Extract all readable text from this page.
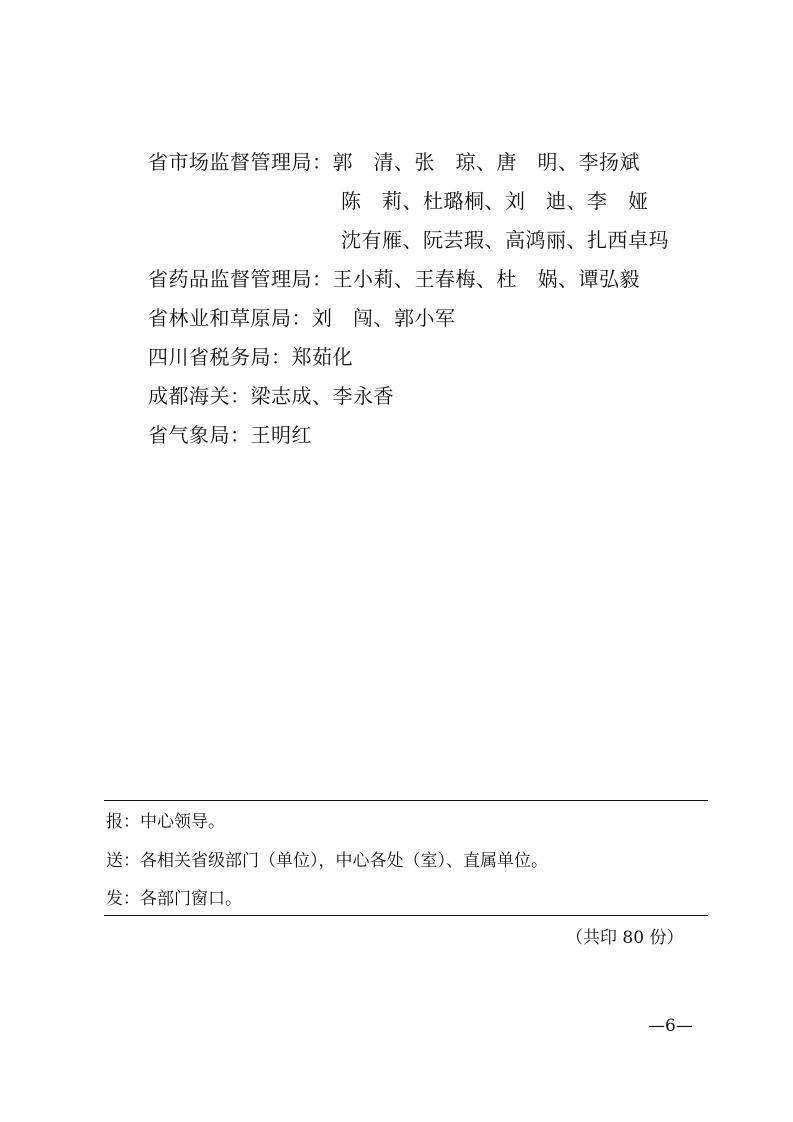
省市场监督管理局：郭　清、张　琼、唐　明、李扬斌
陈　莉、杜璐桐、刘　迪、李　娅
沈有雁、阮芸瑕、高鸿丽、扎西卓玛
省药品监督管理局：王小莉、王春梅、杜　娲、谭弘毅
省林业和草原局：刘　闯、郭小军
四川省税务局：郑茹化
成都海关：梁志成、李永香
省气象局：王明红
报：中心领导。
送：各相关省级部门（单位），中心各处（室）、直属单位。
发：各部门窗口。
（共印 80 份）
—6—
